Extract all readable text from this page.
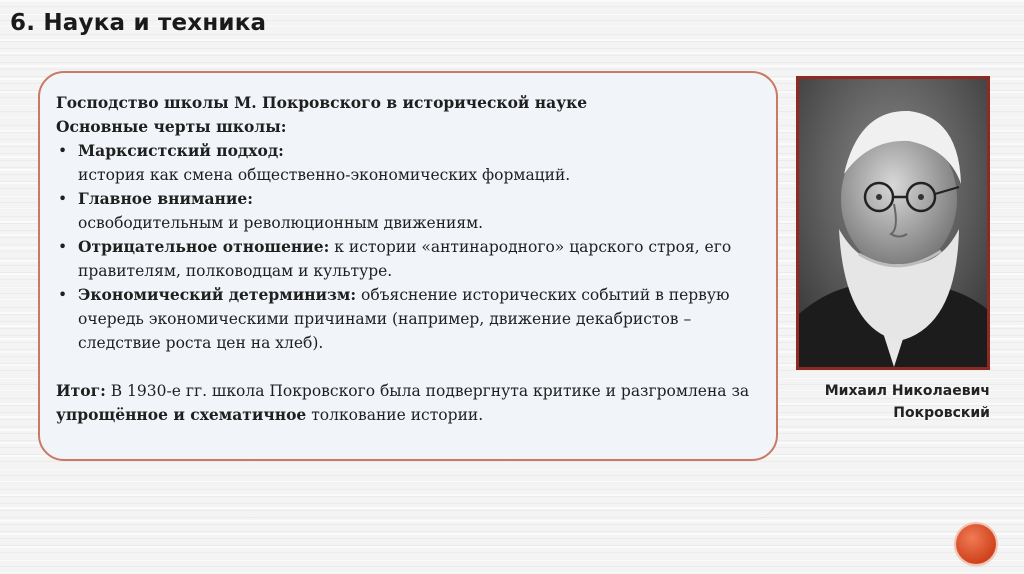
6. Наука и техника

Господство школы М. Покровского в исторической науке

Основные черты школы:

• Марксистский подход:
история как смена общественно-экономических формаций.
• Главное внимание:
освободительным и революционным движениям.
• Отрицательное отношение: к истории «антинародного» царского строя, его правителям, полководцам и культуре.
• Экономический детерминизм: объяснение исторических событий в первую очередь экономическими причинами (например, движение декабристов – следствие роста цен на хлеб).

Итог: В 1930-е гг. школа Покровского была подвергнута критике и разгромлена за упрощённое и схематичное толкование истории.

Михаил Николаевич
Покровский
